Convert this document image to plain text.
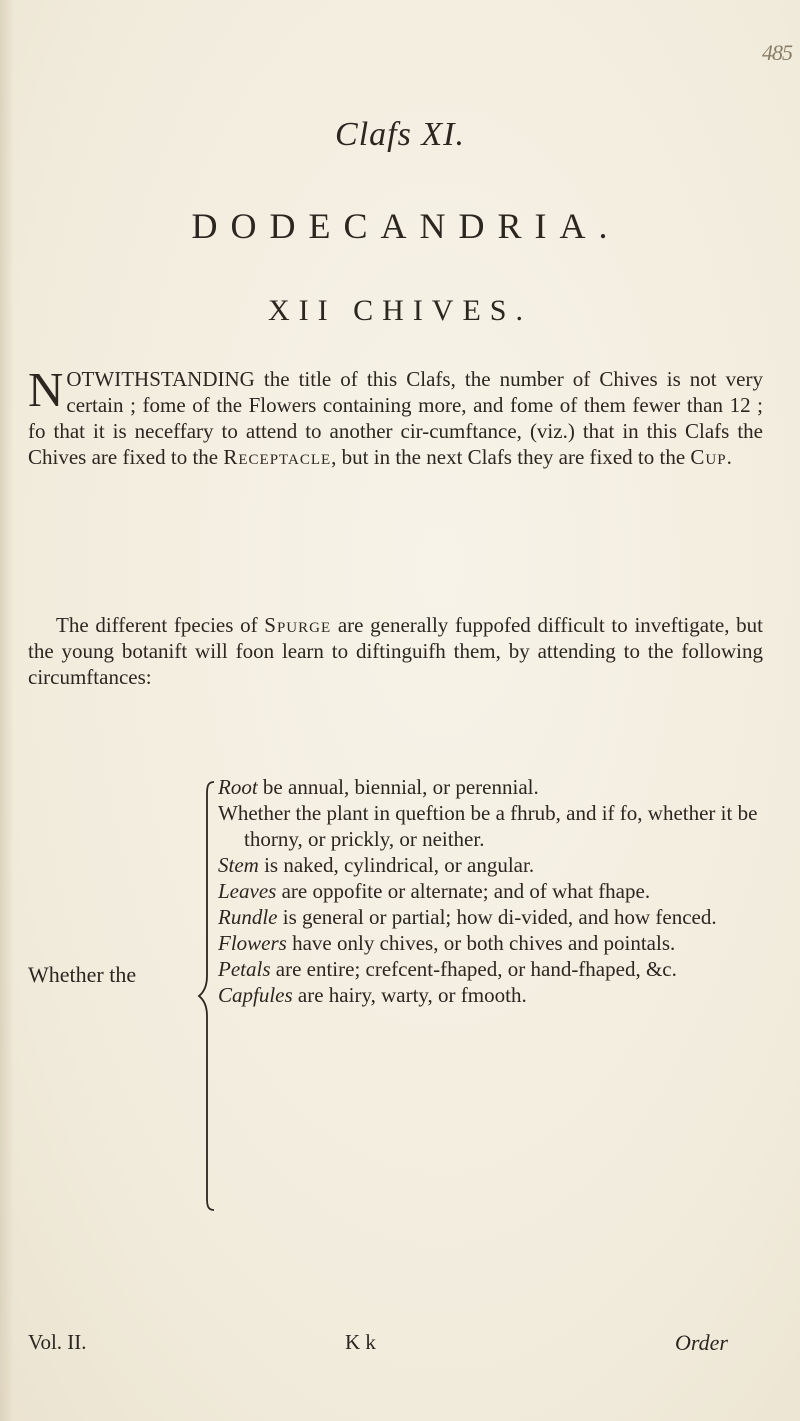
485
Clafs XI.
DODECANDRIA.
XII CHIVES.

NOTWITHSTANDING the title of this Clafs, the number of Chives is not very certain ; fome of the Flowers containing more, and fome of them fewer than 12 ; fo that it is neceffary to attend to another cir-cumftance, (viz.) that in this Clafs the Chives are fixed to the Receptacle, but in the next Clafs they are fixed to the Cup.

The different fpecies of Spurge are generally fuppofed difficult to inveftigate, but the young botanift will foon learn to diftinguifh them, by attending to the following circumftances:

Whether the
Root be annual, biennial, or perennial.
Whether the plant in queftion be a fhrub, and if fo, whether it be thorny, or prickly, or neither.
Stem is naked, cylindrical, or angular.
Leaves are oppofite or alternate; and of what fhape.
Rundle is general or partial; how di-vided, and how fenced.
Flowers have only chives, or both chives and pointals.
Petals are entire; crefcent-fhaped, or hand-fhaped, &c.
Capfules are hairy, warty, or fmooth.
Vol. II.	K k	Order
